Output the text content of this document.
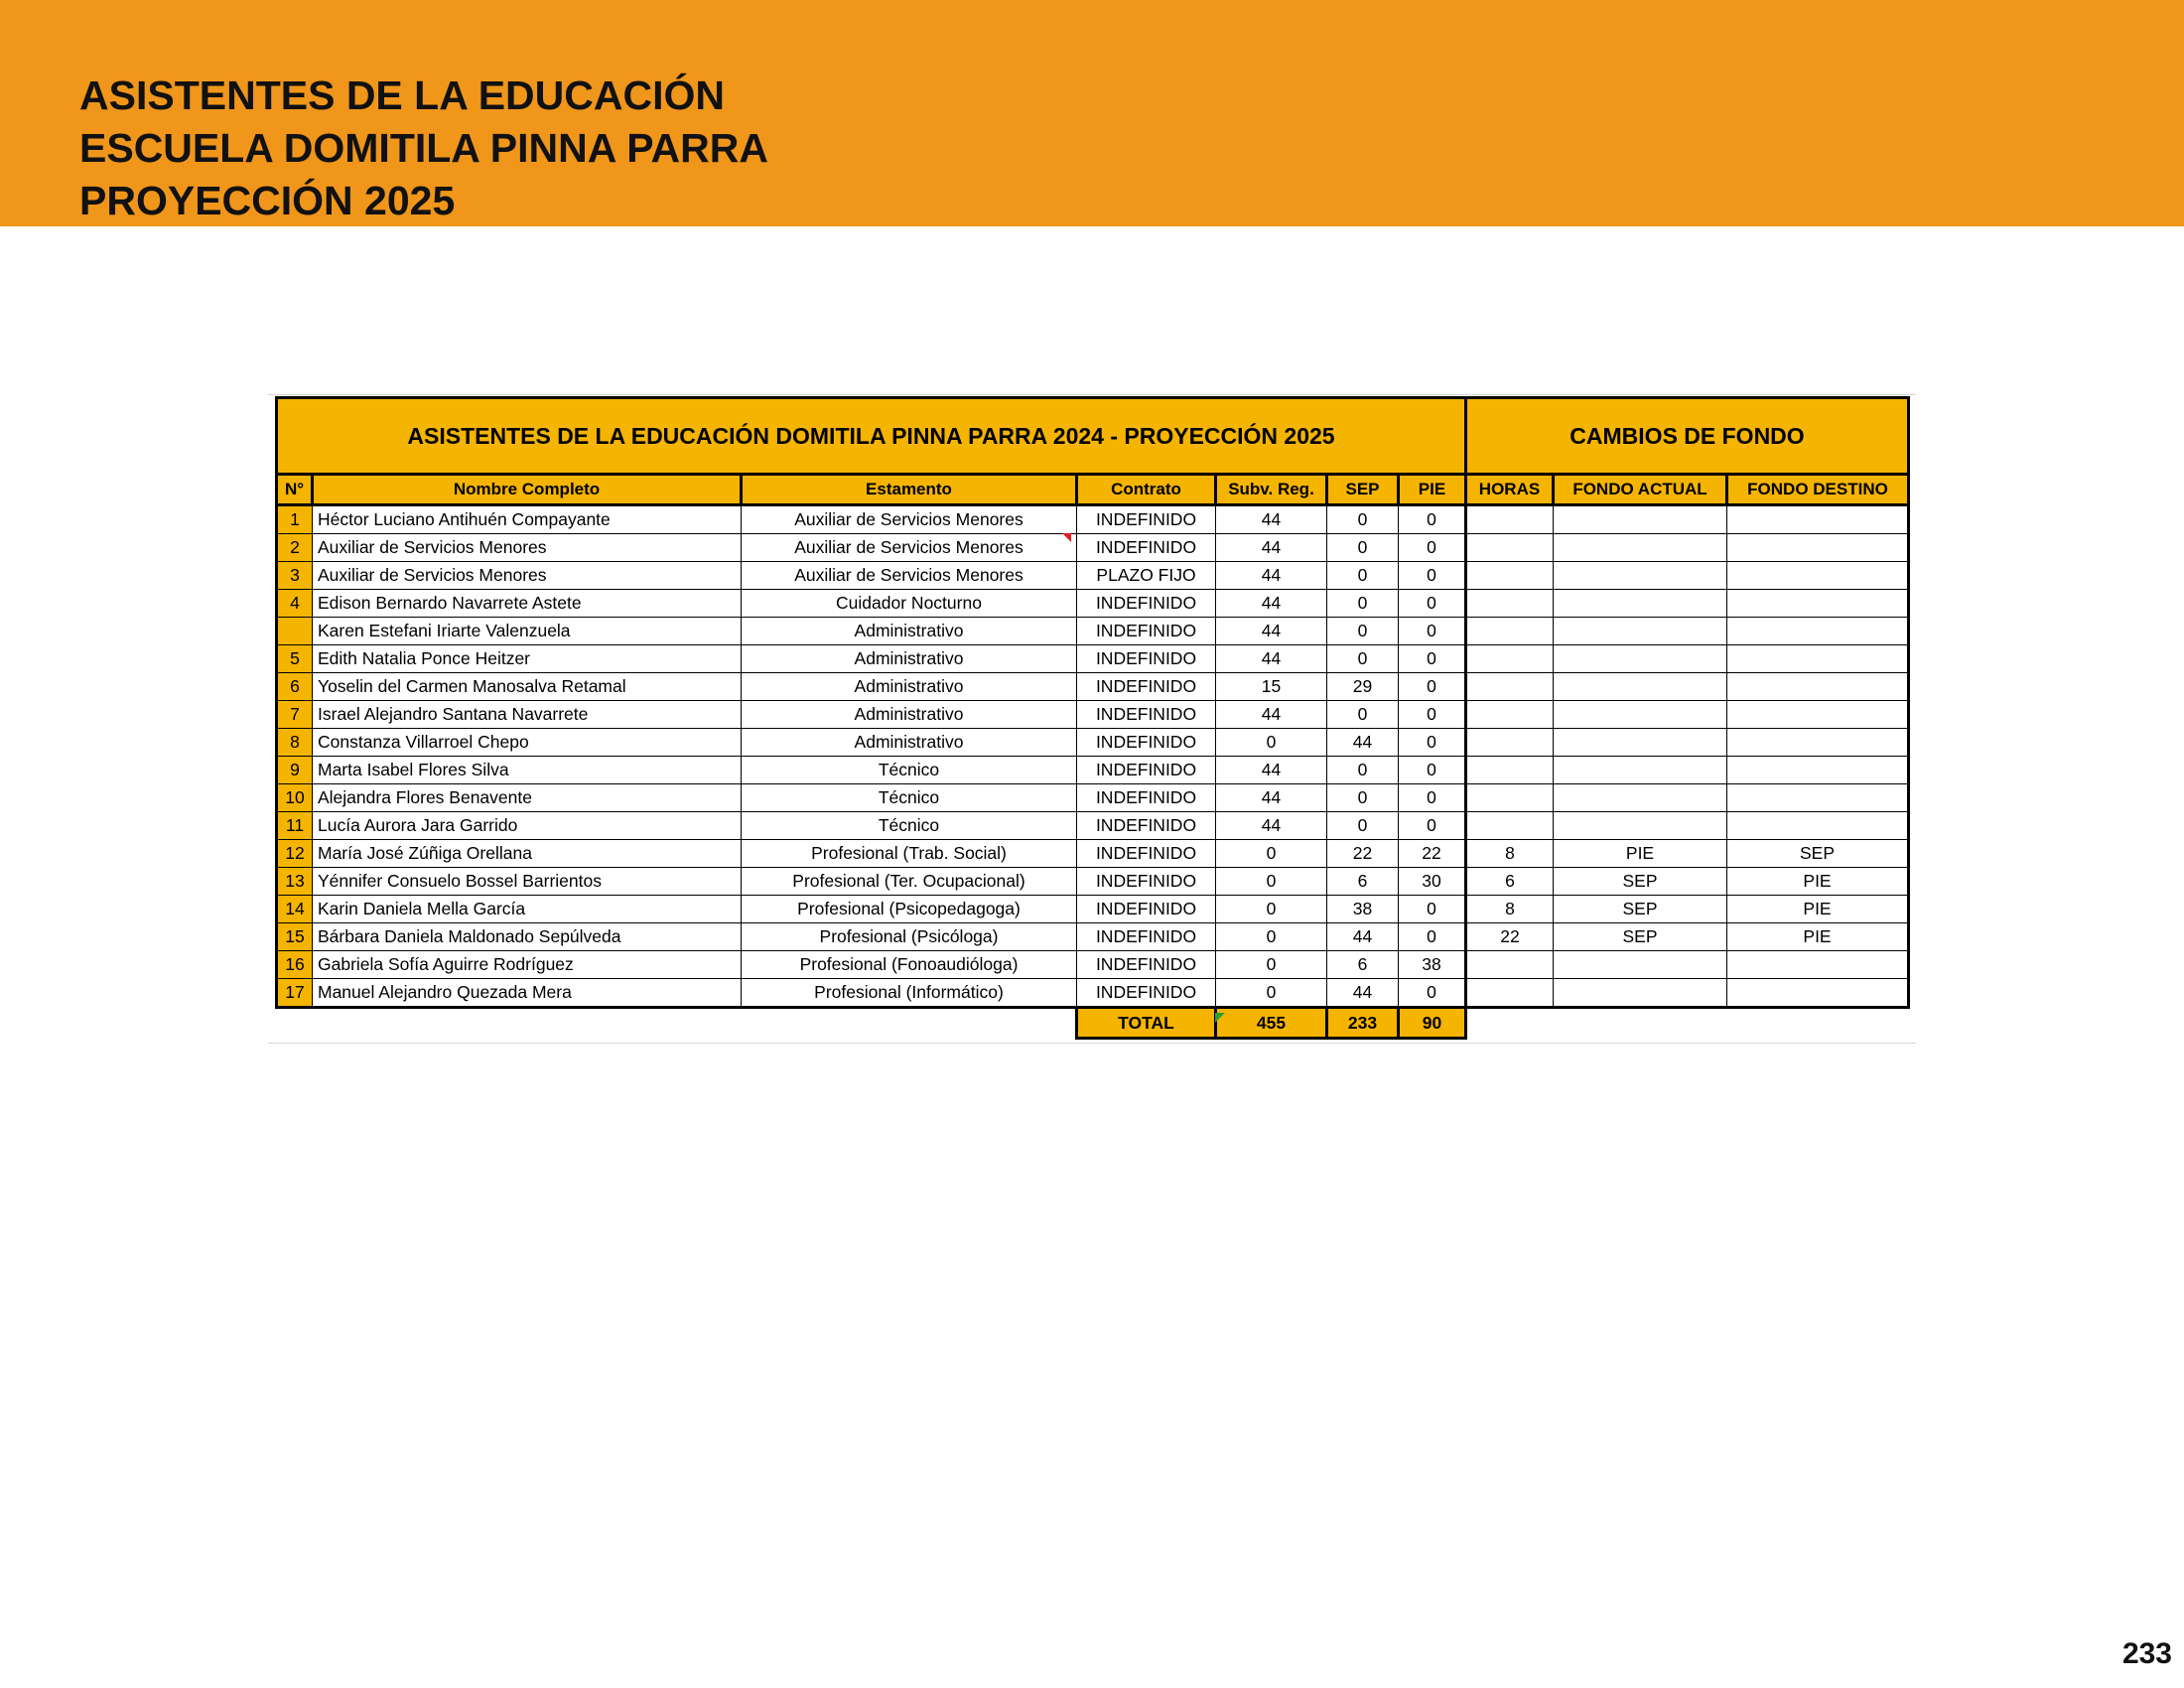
ASISTENTES DE LA EDUCACIÓN
ESCUELA DOMITILA PINNA PARRA
PROYECCIÓN 2025
ASISTENTES DE LA EDUCACIÓN DOMITILA PINNA PARRA 2024 - PROYECCIÓN 2025							CAMBIOS DE FONDO		
N°	Nombre Completo	Estamento	Contrato	Subv. Reg.	SEP	PIE	HORAS	FONDO ACTUAL	FONDO DESTINO
1	Héctor Luciano Antihuén Compayante	Auxiliar de Servicios Menores	INDEFINIDO	44	0	0			
2	Auxiliar de Servicios Menores	Auxiliar de Servicios Menores	INDEFINIDO	44	0	0			
3	Auxiliar de Servicios Menores	Auxiliar de Servicios Menores	PLAZO FIJO	44	0	0			
4	Edison Bernardo Navarrete Astete	Cuidador Nocturno	INDEFINIDO	44	0	0			
	Karen Estefani Iriarte Valenzuela	Administrativo	INDEFINIDO	44	0	0			
5	Edith Natalia Ponce Heitzer	Administrativo	INDEFINIDO	44	0	0			
6	Yoselin del Carmen Manosalva Retamal	Administrativo	INDEFINIDO	15	29	0			
7	Israel Alejandro Santana Navarrete	Administrativo	INDEFINIDO	44	0	0			
8	Constanza Villarroel Chepo	Administrativo	INDEFINIDO	0	44	0			
9	Marta Isabel Flores Silva	Técnico	INDEFINIDO	44	0	0			
10	Alejandra Flores Benavente	Técnico	INDEFINIDO	44	0	0			
11	Lucía Aurora Jara Garrido	Técnico	INDEFINIDO	44	0	0			
12	María José Zúñiga Orellana	Profesional (Trab. Social)	INDEFINIDO	0	22	22	8	PIE	SEP
13	Yénnifer Consuelo Bossel Barrientos	Profesional (Ter. Ocupacional)	INDEFINIDO	0	6	30	6	SEP	PIE
14	Karin Daniela Mella García	Profesional (Psicopedagoga)	INDEFINIDO	0	38	0	8	SEP	PIE
15	Bárbara Daniela Maldonado Sepúlveda	Profesional (Psicóloga)	INDEFINIDO	0	44	0	22	SEP	PIE
16	Gabriela Sofía Aguirre Rodríguez	Profesional (Fonoaudióloga)	INDEFINIDO	0	6	38			
17	Manuel Alejandro Quezada Mera	Profesional (Informático)	INDEFINIDO	0	44	0			
			TOTAL	455	233	90			
233
